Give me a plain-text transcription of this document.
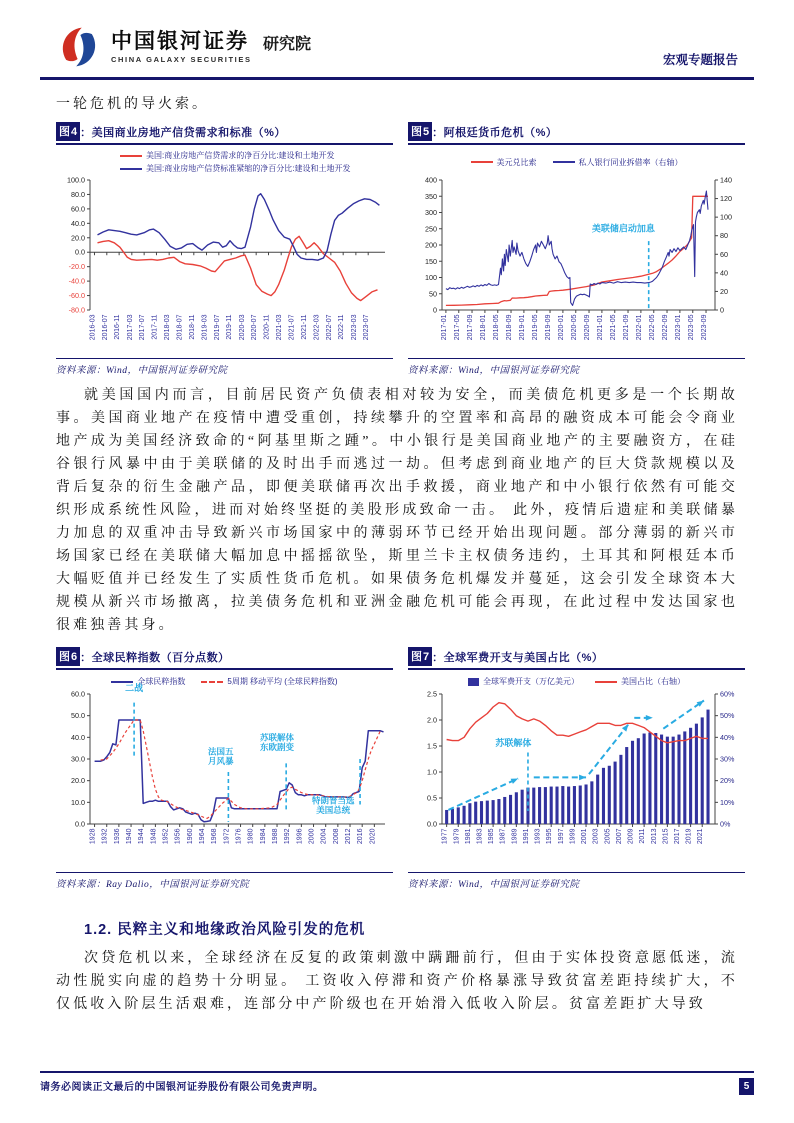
中国银河证券 研究院
CHINA GALAXY SECURITIES	宏观专题报告
一轮危机的导火索。
图4 ：美国商业房地产信贷需求和标准（%）
美国:商业房地产信贷需求的净百分比:建设和土地开发
美国:商业房地产信贷标准紧缩的净百分比:建设和土地开发
100.0
80.0
60.0
40.0
20.0
0.0
-20.0
-40.0
-60.0
-80.0
2016-03 2016-07 2016-11 2017-03 2017-07 2017-11 2018-03 2018-07 2018-11 2019-03 2019-07 2019-11 2020-03 2020-07 2020-11 2021-03 2021-07 2021-11 2022-03 2022-07 2022-11 2023-03 2023-07
资料来源：Wind，中国银河证券研究院
图5 ：阿根廷货币危机（%）
美元兑比索	私人银行同业拆借率（右轴）
400
350
300
250
200
150
100
50
0
140
120
100
80
60
40
20
0
2017-01 2017-05 2017-09 2018-01 2018-05 2018-09 2019-01 2019-05 2019-09 2020-01 2020-05 2020-09 2021-01 2021-05 2021-09 2022-01 2022-05 2022-09 2023-01 2023-05 2023-09
美联储启动加息
资料来源：Wind，中国银河证券研究院
就美国国内而言，目前居民资产负债表相对较为安全，而美债危机更多是一个长期故事。美国商业地产在疫情中遭受重创，持续攀升的空置率和高昂的融资成本可能会令商业地产成为美国经济致命的“阿基里斯之踵”。中小银行是美国商业地产的主要融资方，在硅谷银行风暴中由于美联储的及时出手而逃过一劫。但考虑到商业地产的巨大贷款规模以及背后复杂的衍生金融产品，即便美联储再次出手救援，商业地产和中小银行依然有可能交织形成系统性风险，进而对始终坚挺的美股形成致命一击。 此外，疫情后遗症和美联储暴力加息的双重冲击导致新兴市场国家中的薄弱环节已经开始出现问题。部分薄弱的新兴市场国家已经在美联储大幅加息中摇摇欲坠，斯里兰卡主权债务违约，土耳其和阿根廷本币大幅贬值并已经发生了实质性货币危机。如果债务危机爆发并蔓延，这会引发全球资本大规模从新兴市场撤离，拉美债务危机和亚洲金融危机可能会再现，在此过程中发达国家也很难独善其身。
图6 ：全球民粹指数（百分点数）
全球民粹指数	5周期 移动平均 (全球民粹指数)
60.0
50.0
40.0
30.0
20.0
10.0
0.0
1928 1932 1936 1940 1944 1948 1952 1956 1960 1964 1968 1972 1976 1980 1984 1988 1992 1996 2000 2004 2008 2012 2016 2020
二战
法国五月风暴
苏联解体东欧剧变
特朗普当选美国总统
资料来源：Ray Dalio，中国银河证券研究院
图7 ：全球军费开支与美国占比（%）
全球军费开支（万亿美元）	美国占比（右轴）
2.5
2.0
1.5
1.0
0.5
0.0
60%
50%
40%
30%
20%
10%
0%
1977 1979 1981 1983 1985 1987 1989 1991 1993 1995 1997 1999 2001 2003 2005 2007 2009 2011 2013 2015 2017 2019 2021
苏联解体
资料来源：Wind，中国银河证券研究院
1.2. 民粹主义和地缘政治风险引发的危机
次贷危机以来，全球经济在反复的政策刺激中蹒跚前行，但由于实体投资意愿低迷，流动性脱实向虚的趋势十分明显。 工资收入停滞和资产价格暴涨导致贫富差距持续扩大，不仅低收入阶层生活艰难，连部分中产阶级也在开始滑入低收入阶层。贫富差距扩大导致
请务必阅读正文最后的中国银河证券股份有限公司免责声明。	5
